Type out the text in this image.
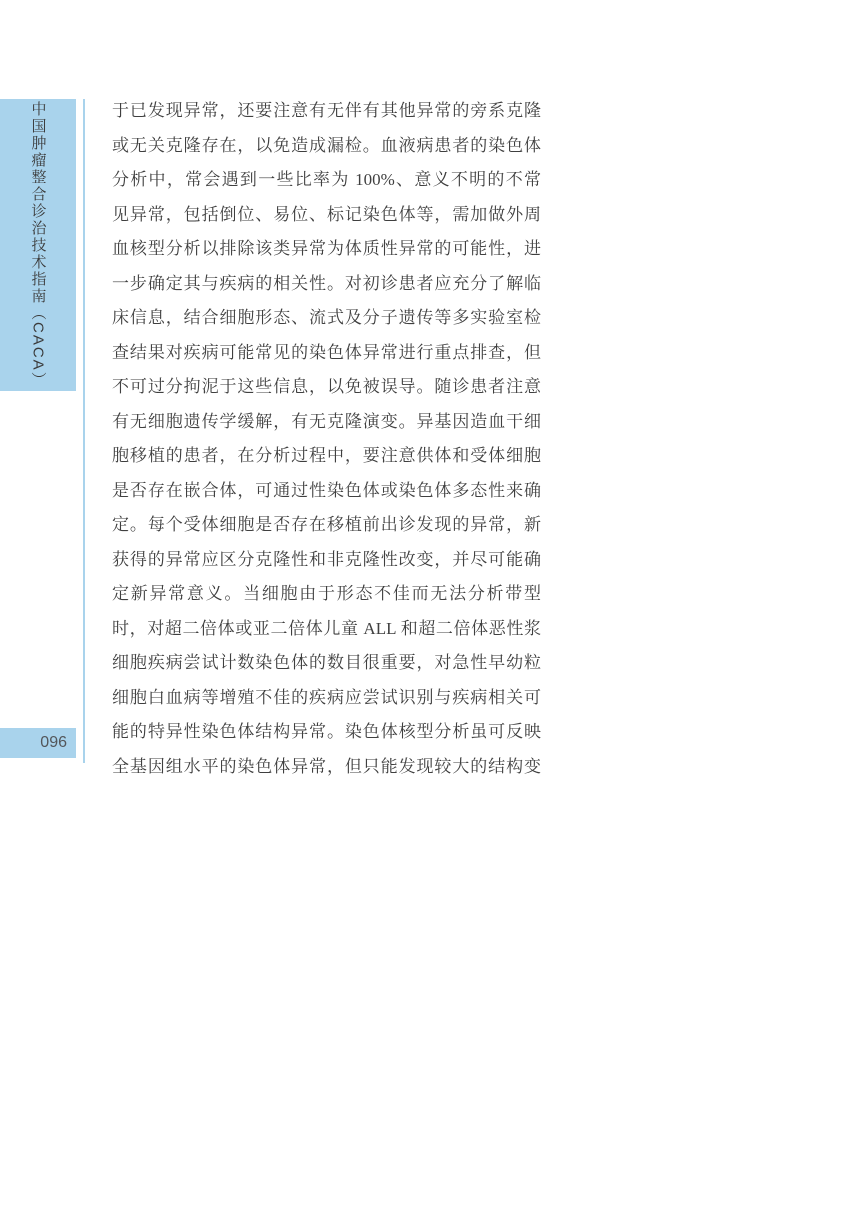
中国肿瘤整合诊治技术指南（CACA）
096
于已发现异常，还要注意有无伴有其他异常的旁系克隆
或无关克隆存在，以免造成漏检。血液病患者的染色体
分析中，常会遇到一些比率为 100%、意义不明的不常
见异常，包括倒位、易位、标记染色体等，需加做外周
血核型分析以排除该类异常为体质性异常的可能性，进
一步确定其与疾病的相关性。对初诊患者应充分了解临
床信息，结合细胞形态、流式及分子遗传等多实验室检
查结果对疾病可能常见的染色体异常进行重点排查，但
不可过分拘泥于这些信息，以免被误导。随诊患者注意
有无细胞遗传学缓解，有无克隆演变。异基因造血干细
胞移植的患者，在分析过程中，要注意供体和受体细胞
是否存在嵌合体，可通过性染色体或染色体多态性来确
定。每个受体细胞是否存在移植前出诊发现的异常，新
获得的异常应区分克隆性和非克隆性改变，并尽可能确
定新异常意义。当细胞由于形态不佳而无法分析带型
时，对超二倍体或亚二倍体儿童 ALL 和超二倍体恶性浆
细胞疾病尝试计数染色体的数目很重要，对急性早幼粒
细胞白血病等增殖不佳的疾病应尝试识别与疾病相关可
能的特异性染色体结构异常。染色体核型分析虽可反映
全基因组水平的染色体异常，但只能发现较大的结构变
